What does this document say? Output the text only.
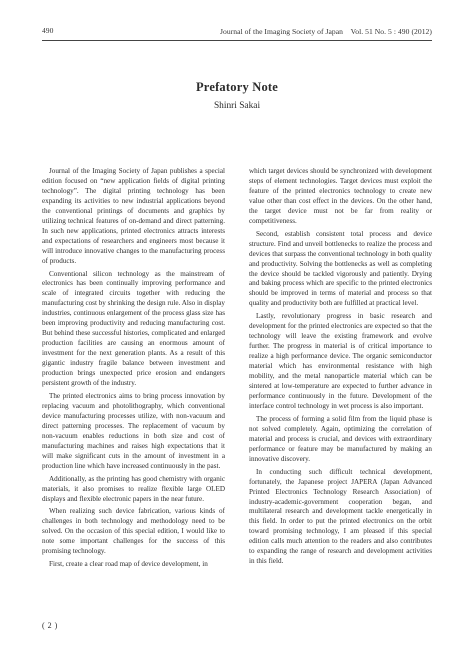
490	Journal of the Imaging Society of Japan　Vol. 51 No. 5 : 490 (2012)
Prefatory Note
Shinri Sakai

Journal of the Imaging Society of Japan publishes a special edition focused on “new application fields of digital printing technology”. The digital printing technology has been expanding its activities to new industrial applications beyond the conventional printings of documents and graphics by utilizing technical features of on-demand and direct patterning. In such new applications, printed electronics attracts interests and expectations of researchers and engineers most because it will introduce innovative changes to the manufacturing process of products.

Conventional silicon technology as the mainstream of electronics has been continually improving performance and scale of integrated circuits together with reducing the manufacturing cost by shrinking the design rule. Also in display industries, continuous enlargement of the process glass size has been improving productivity and reducing manufacturing cost. But behind these successful histories, complicated and enlarged production facilities are causing an enormous amount of investment for the next generation plants. As a result of this gigantic industry fragile balance between investment and production brings unexpected price erosion and endangers persistent growth of the industry.

The printed electronics aims to bring process innovation by replacing vacuum and photolithography, which conventional device manufacturing processes utilize, with non-vacuum and direct patterning processes. The replacement of vacuum by non-vacuum enables reductions in both size and cost of manufacturing machines and raises high expectations that it will make significant cuts in the amount of investment in a production line which have increased continuously in the past.

Additionally, as the printing has good chemistry with organic materials, it also promises to realize flexible large OLED displays and flexible electronic papers in the near future.

When realizing such device fabrication, various kinds of challenges in both technology and methodology need to be solved. On the occasion of this special edition, I would like to note some important challenges for the success of this promising technology.

First, create a clear road map of device development, in

which target devices should be synchronized with development steps of element technologies. Target devices must exploit the feature of the printed electronics technology to create new value other than cost effect in the devices. On the other hand, the target device must not be far from reality or competitiveness.

Second, establish consistent total process and device structure. Find and unveil bottlenecks to realize the process and devices that surpass the conventional technology in both quality and productivity. Solving the bottlenecks as well as completing the device should be tackled vigorously and patiently. Drying and baking process which are specific to the printed electronics should be improved in terms of material and process so that quality and productivity both are fulfilled at practical level.

Lastly, revolutionary progress in basic research and development for the printed electronics are expected so that the technology will leave the existing framework and evolve further. The progress in material is of critical importance to realize a high performance device. The organic semiconductor material which has environmental resistance with high mobility, and the metal nanoparticle material which can be sintered at low-temperature are expected to further advance in performance continuously in the future. Development of the interface control technology in wet process is also important.

The process of forming a solid film from the liquid phase is not solved completely. Again, optimizing the correlation of material and process is crucial, and devices with extraordinary performance or feature may be manufactured by making an innovative discovery.

In conducting such difficult technical development, fortunately, the Japanese project JAPERA (Japan Advanced Printed Electronics Technology Research Association) of industry-academic-government cooperation began, and multilateral research and development tackle energetically in this field. In order to put the printed electronics on the orbit toward promising technology, I am pleased if this special edition calls much attention to the readers and also contributes to expanding the range of research and development activities in this field.

( 2 )
